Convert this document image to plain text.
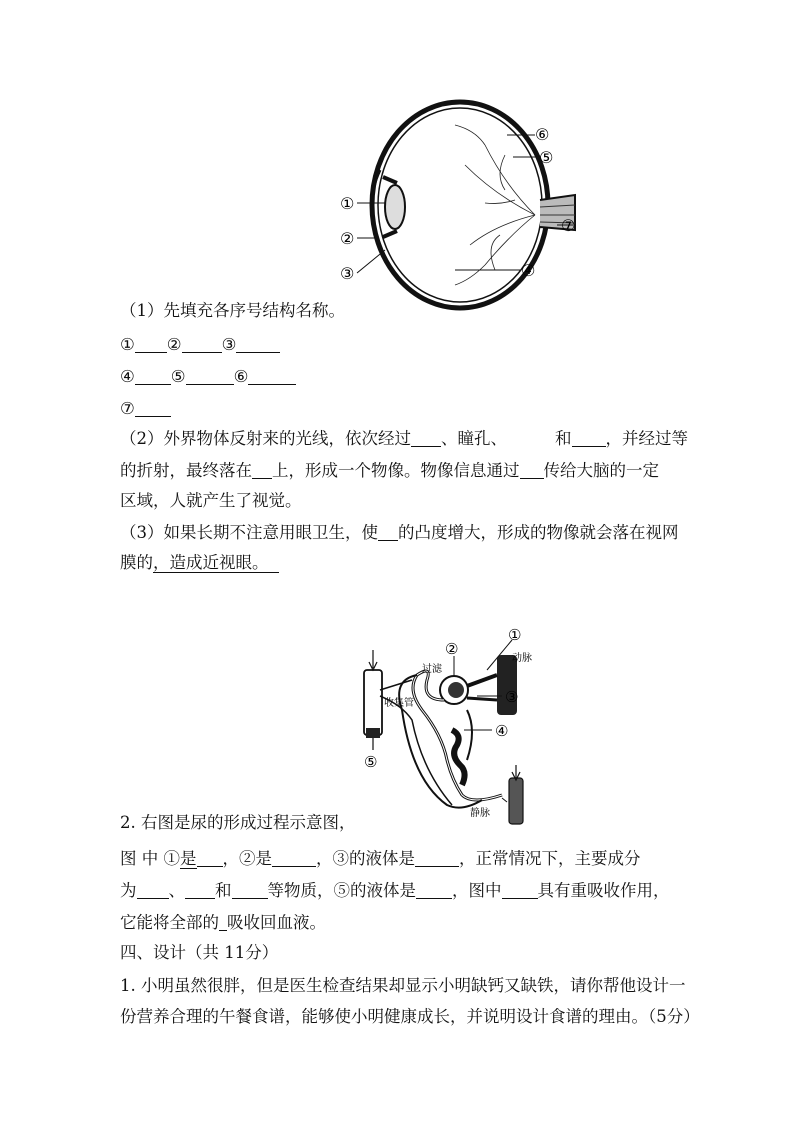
①
②
③	④
⑤
⑥
⑦
（1）先填充各序号结构名称。
① ② ③
④ ⑤	⑥
⑦
（2）外界物体反射来的光线，依次经过 、瞳孔、	和 ，并经过等
的折射，最终落在 上，形成一个物像。物像信息通过 传给大脑的一定
区域，人就产生了视觉。
（3）如果长期不注意用眼卫生，使 的凸度增大，形成的物像就会落在视网
膜的，造成近视眼。
①
②
③
④
⑤
过滤
动脉
收集管
静脉
2. 右图是尿的形成过程示意图，
图 中 ①是 ，②是	，③的液体是	，正常情况下，主要成分
为 、 和 等物质，⑤的液体是 ，图中 具有重吸收作用，
它能将全部的 吸收回血液。
四、设计（共 11分）
1. 小明虽然很胖，但是医生检查结果却显示小明缺钙又缺铁，请你帮他设计一
份营养合理的午餐食谱，能够使小明健康成长，并说明设计食谱的理由。（5分）
